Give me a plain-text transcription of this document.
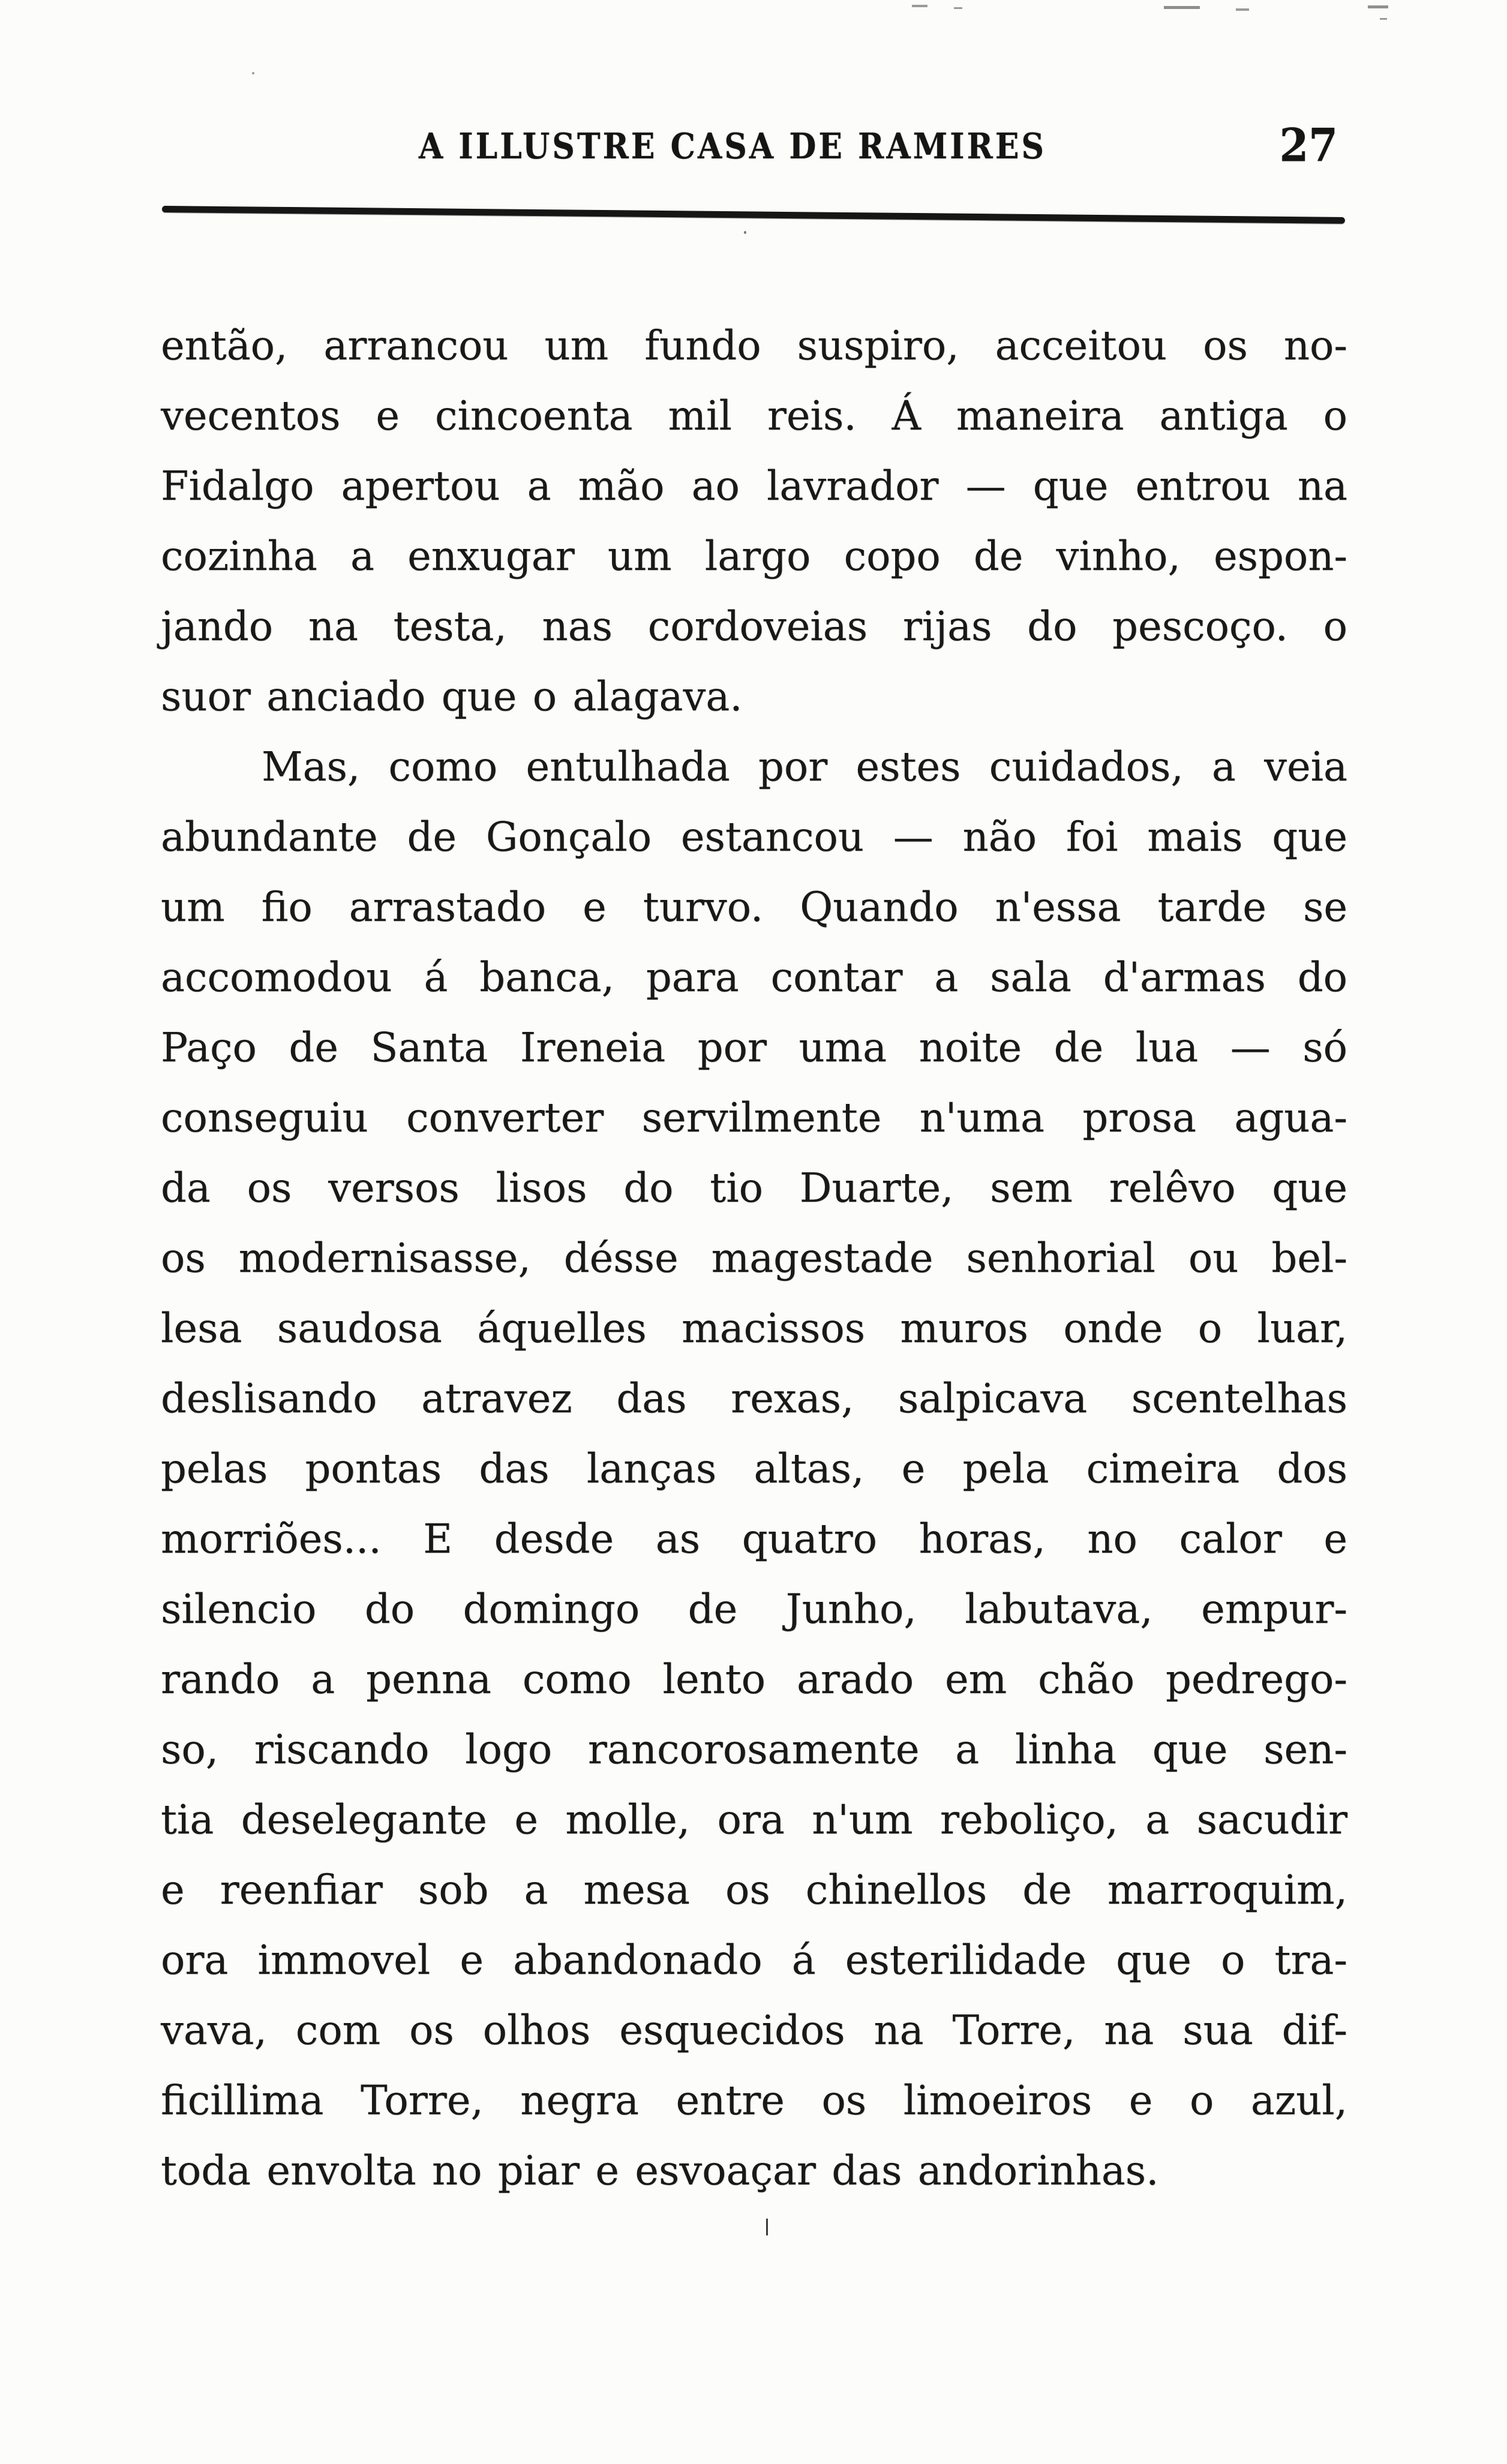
A ILLUSTRE CASA DE RAMIRES	27
então, arrancou um fundo suspiro, acceitou os no-
vecentos e cincoenta mil reis. Á maneira antiga o
Fidalgo apertou a mão ao lavrador — que entrou na
cozinha a enxugar um largo copo de vinho, espon-
jando na testa, nas cordoveias rijas do pescoço. o
suor anciado que o alagava.
Mas, como entulhada por estes cuidados, a veia
abundante de Gonçalo estancou — não foi mais que
um fio arrastado e turvo. Quando n'essa tarde se
accomodou á banca, para contar a sala d'armas do
Paço de Santa Ireneia por uma noite de lua — só
conseguiu converter servilmente n'uma prosa agua-
da os versos lisos do tio Duarte, sem relêvo que
os modernisasse, désse magestade senhorial ou bel-
lesa saudosa áquelles macissos muros onde o luar,
deslisando atravez das rexas, salpicava scentelhas
pelas pontas das lanças altas, e pela cimeira dos
morriões... E desde as quatro horas, no calor e
silencio do domingo de Junho, labutava, empur-
rando a penna como lento arado em chão pedrego-
so, riscando logo rancorosamente a linha que sen-
tia deselegante e molle, ora n'um reboliço, a sacudir
e reenfiar sob a mesa os chinellos de marroquim,
ora immovel e abandonado á esterilidade que o tra-
vava, com os olhos esquecidos na Torre, na sua dif-
ficillima Torre, negra entre os limoeiros e o azul,
toda envolta no piar e esvoaçar das andorinhas.
